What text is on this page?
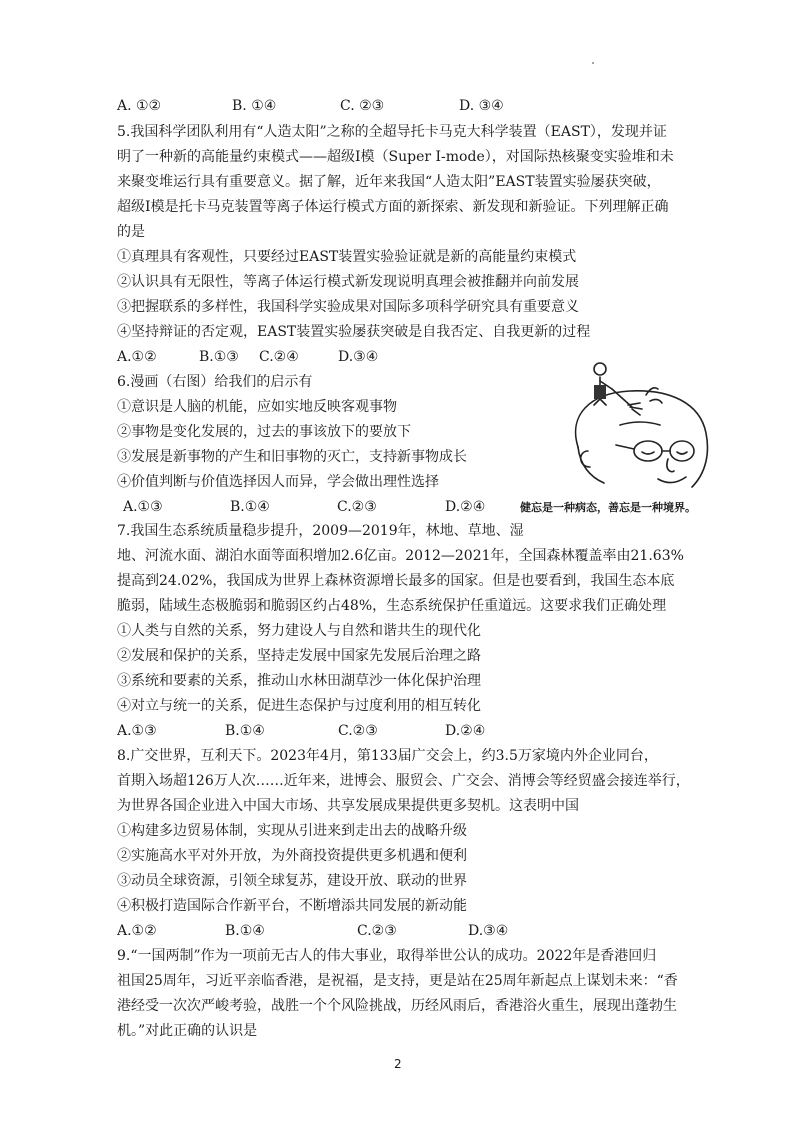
A. ①②	B. ①④	C. ②③	D. ③④
5.我国科学团队利用有“人造太阳”之称的全超导托卡马克大科学装置（EAST），发现并证
明了一种新的高能量约束模式——超级Ⅰ模（Super I-mode），对国际热核聚变实验堆和未
来聚变堆运行具有重要意义。据了解，近年来我国“人造太阳”EAST装置实验屡获突破，
超级Ⅰ模是托卡马克装置等离子体运行模式方面的新探索、新发现和新验证。下列理解正确
的是
①真理具有客观性，只要经过EAST装置实验验证就是新的高能量约束模式
②认识具有无限性，等离子体运行模式新发现说明真理会被推翻并向前发展
③把握联系的多样性，我国科学实验成果对国际多项科学研究具有重要意义
④坚持辩证的否定观，EAST装置实验屡获突破是自我否定、自我更新的过程
A.①②	B.①③ C.②④	D.③④
6.漫画（右图）给我们的启示有
①意识是人脑的机能，应如实地反映客观事物
②事物是变化发展的，过去的事该放下的要放下
③发展是新事物的产生和旧事物的灭亡，支持新事物成长
④价值判断与价值选择因人而异，学会做出理性选择
A.①③	B.①④	C.②③	D.②④	健忘是一种病态，善忘是一种境界。
7.我国生态系统质量稳步提升，2009—2019年，林地、草地、湿
地、河流水面、湖泊水面等面积增加2.6亿亩。2012—2021年，全国森林覆盖率由21.63%
提高到24.02%，我国成为世界上森林资源增长最多的国家。但是也要看到，我国生态本底
脆弱，陆域生态极脆弱和脆弱区约占48%，生态系统保护任重道远。这要求我们正确处理
①人类与自然的关系，努力建设人与自然和谐共生的现代化
②发展和保护的关系，坚持走发展中国家先发展后治理之路
③系统和要素的关系，推动山水林田湖草沙一体化保护治理
④对立与统一的关系，促进生态保护与过度利用的相互转化
A.①③	B.①④	C.②③	D.②④
8.广交世界，互利天下。2023年4月，第133届广交会上，约3.5万家境内外企业同台，
首期入场超126万人次……近年来，进博会、服贸会、广交会、消博会等经贸盛会接连举行，
为世界各国企业进入中国大市场、共享发展成果提供更多契机。这表明中国
①构建多边贸易体制，实现从引进来到走出去的战略升级
②实施高水平对外开放，为外商投资提供更多机遇和便利
③动员全球资源，引领全球复苏，建设开放、联动的世界
④积极打造国际合作新平台，不断增添共同发展的新动能
A.①②	B.①④	C.②③	D.③④
9.“一国两制”作为一项前无古人的伟大事业，取得举世公认的成功。2022年是香港回归
祖国25周年，习近平亲临香港，是祝福，是支持，更是站在25周年新起点上谋划未来：“香
港经受一次次严峻考验，战胜一个个风险挑战，历经风雨后，香港浴火重生，展现出蓬勃生
机。”对此正确的认识是
2
